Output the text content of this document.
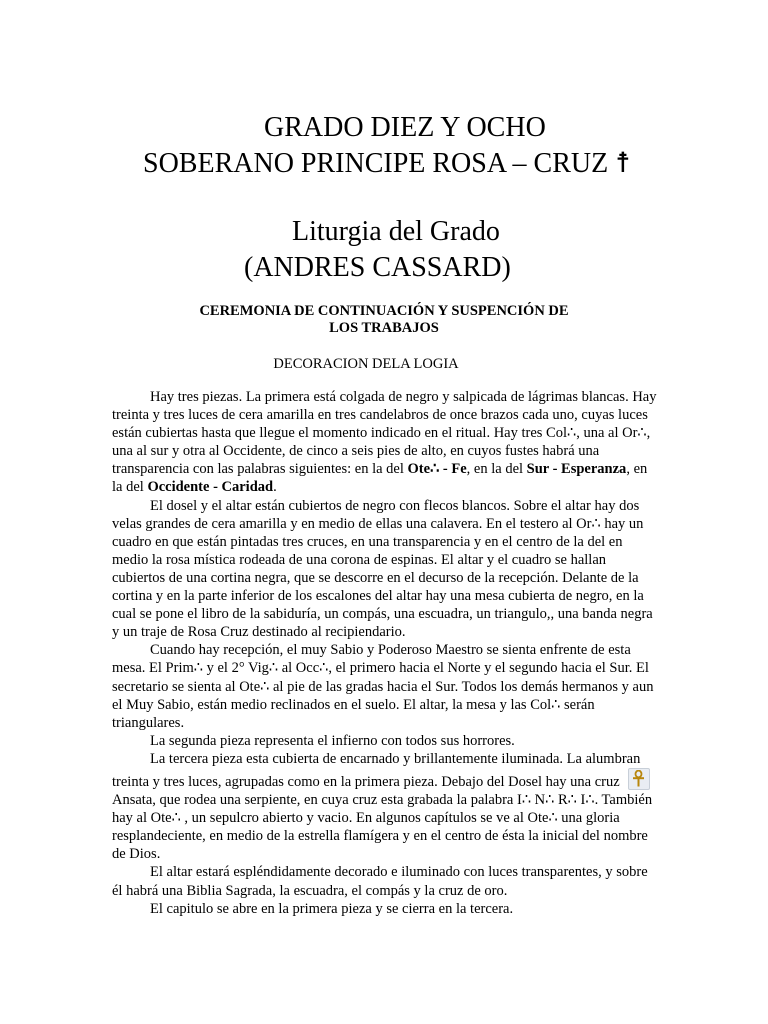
GRADO DIEZ Y OCHO
SOBERANO PRINCIPE ROSA – CRUZ ☨
Liturgia del Grado
(ANDRES CASSARD)
CEREMONIA DE CONTINUACIÓN Y SUSPENCIÓN DE
LOS TRABAJOS
DECORACION DELA LOGIA

Hay tres piezas. La primera está colgada de negro y salpicada de lágrimas blancas. Hay treinta y tres luces de cera amarilla en tres candelabros de once brazos cada uno, cuyas luces están cubiertas hasta que llegue el momento indicado en el ritual. Hay tres Col∴, una al Or∴, una al sur y otra al Occidente, de cinco a seis pies de alto, en cuyos fustes habrá una transparencia con las palabras siguientes: en la del Ote∴ - Fe, en la del Sur - Esperanza, en la del Occidente - Caridad.

El dosel y el altar están cubiertos de negro con flecos blancos. Sobre el altar hay dos velas grandes de cera amarilla y en medio de ellas una calavera. En el testero al Or∴ hay un cuadro en que están pintadas tres cruces, en una transparencia y en el centro de la del en medio la rosa mística rodeada de una corona de espinas. El altar y el cuadro se hallan cubiertos de una cortina negra, que se descorre en el decurso de la recepción. Delante de la cortina y en la parte inferior de los escalones del altar hay una mesa cubierta de negro, en la cual se pone el libro de la sabiduría, un compás, una escuadra, un triangulo,, una banda negra y un traje de Rosa Cruz destinado al recipiendario.

Cuando hay recepción, el muy Sabio y Poderoso Maestro se sienta enfrente de esta mesa. El Prim∴ y el 2° Vig∴ al Occ∴, el primero hacia el Norte y el segundo hacia el Sur. El secretario se sienta al Ote∴ al pie de las gradas hacia el Sur. Todos los demás hermanos y aun el Muy Sabio, están medio reclinados en el suelo. El altar, la mesa y las Col∴ serán triangulares.

La segunda pieza representa el infierno con todos sus horrores.

La tercera pieza esta cubierta de encarnado y brillantemente iluminada. La alumbran treinta y tres luces, agrupadas como en la primera pieza. Debajo del Dosel hay una cruz

Ansata, que rodea una serpiente, en cuya cruz esta grabada la palabra I∴ N∴ R∴ I∴. También hay al Ote∴ , un sepulcro abierto y vacio. En algunos capítulos se ve al Ote∴ una gloria resplandeciente, en medio de la estrella flamígera y en el centro de ésta la inicial del nombre de Dios.

El altar estará espléndidamente decorado e iluminado con luces transparentes, y sobre él habrá una Biblia Sagrada, la escuadra, el compás y la cruz de oro.

El capitulo se abre en la primera pieza y se cierra en la tercera.
